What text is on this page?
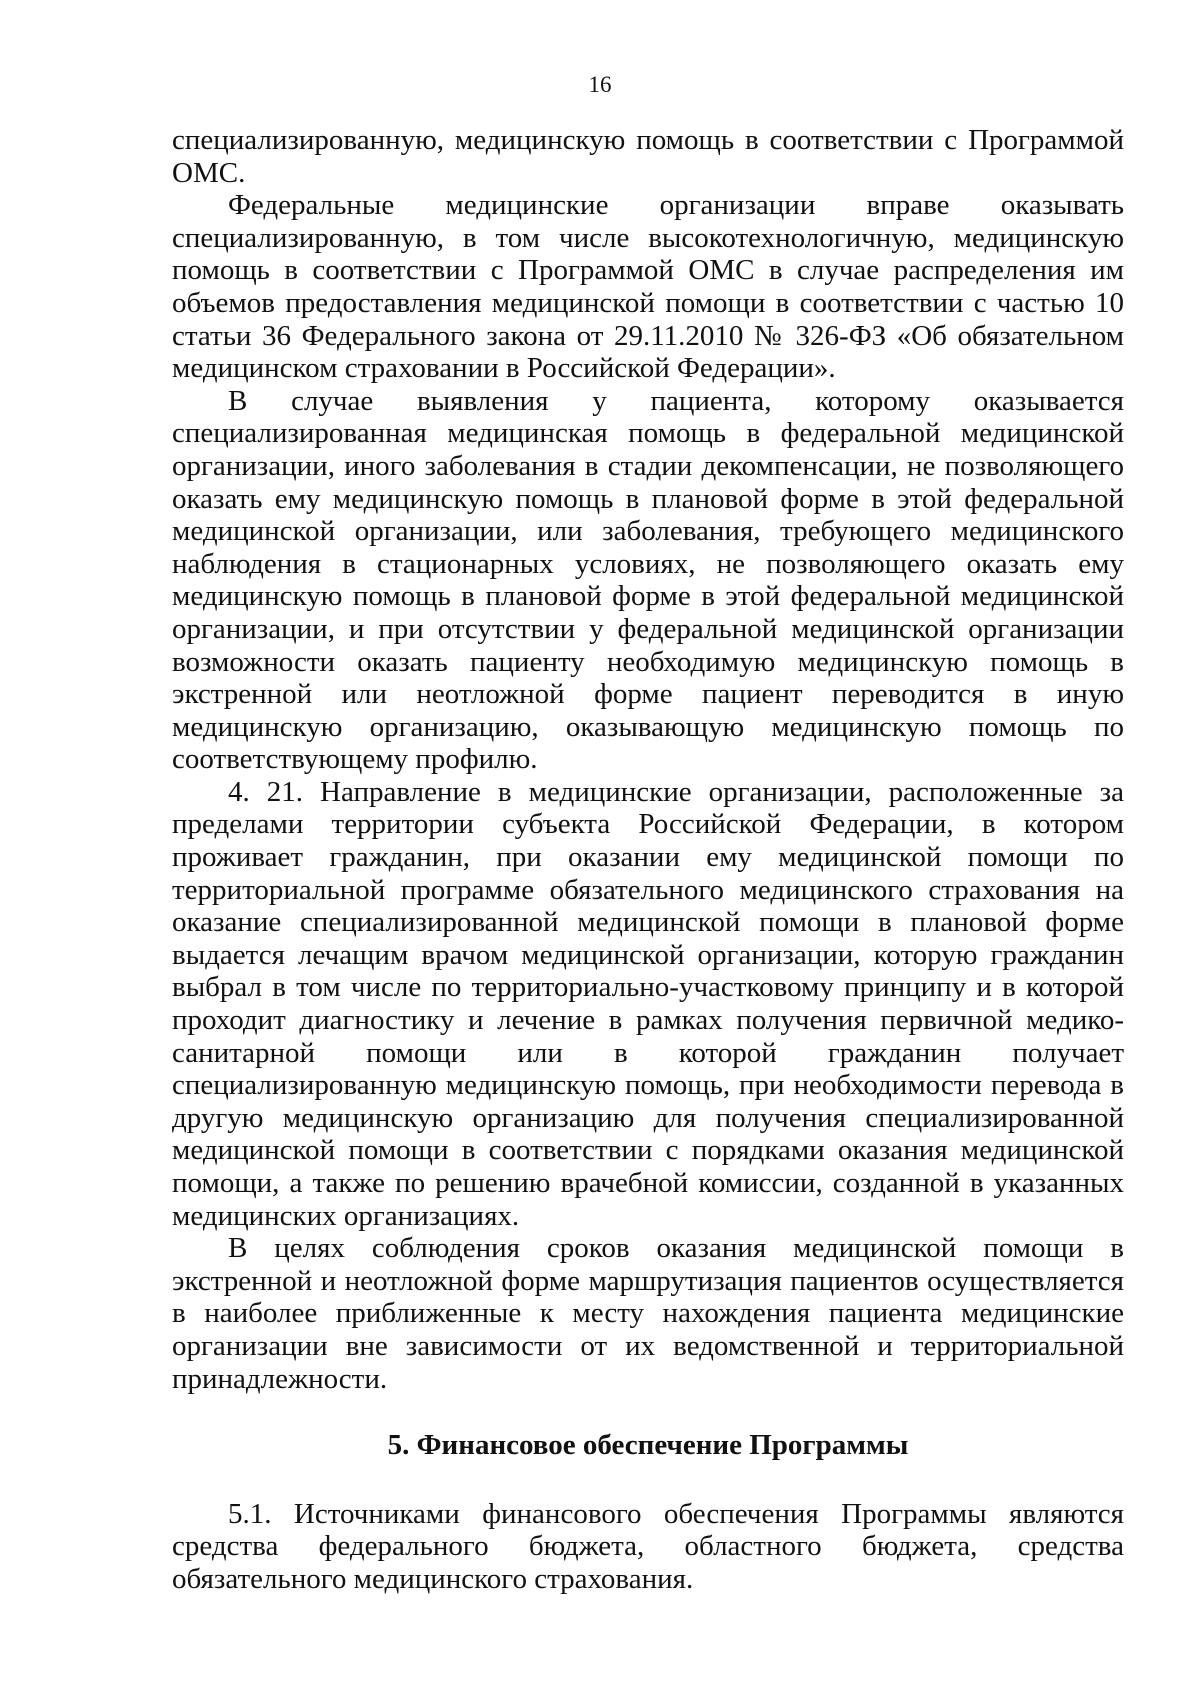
16

специализированную, медицинскую помощь в соответствии с Программой ОМС.

Федеральные медицинские организации вправе оказывать специализированную, в том числе высокотехнологичную, медицинскую помощь в соответствии с Программой ОМС в случае распределения им объемов предоставления медицинской помощи в соответствии с частью 10 статьи 36 Федерального закона от 29.11.2010 № 326-ФЗ «Об обязательном медицинском страховании в Российской Федерации».

В случае выявления у пациента, которому оказывается специализированная медицинская помощь в федеральной медицинской организации, иного заболевания в стадии декомпенсации, не позволяющего оказать ему медицинскую помощь в плановой форме в этой федеральной медицинской организации, или заболевания, требующего медицинского наблюдения в стационарных условиях, не позволяющего оказать ему медицинскую помощь в плановой форме в этой федеральной медицинской организации, и при отсутствии у федеральной медицинской организации возможности оказать пациенту необходимую медицинскую помощь в экстренной или неотложной форме пациент переводится в иную медицинскую организацию, оказывающую медицинскую помощь по соответствующему профилю.

4. 21. Направление в медицинские организации, расположенные за пределами территории субъекта Российской Федерации, в котором проживает гражданин, при оказании ему медицинской помощи по территориальной программе обязательного медицинского страхования на оказание специализированной медицинской помощи в плановой форме выдается лечащим врачом медицинской организации, которую гражданин выбрал в том числе по территориально-участковому принципу и в которой проходит диагностику и лечение в рамках получения первичной медико-санитарной помощи или в которой гражданин получает специализированную медицинскую помощь, при необходимости перевода в другую медицинскую организацию для получения специализированной медицинской помощи в соответствии с порядками оказания медицинской помощи, а также по решению врачебной комиссии, созданной в указанных медицинских организациях.

В целях соблюдения сроков оказания медицинской помощи в экстренной и неотложной форме маршрутизация пациентов осуществляется в наиболее приближенные к месту нахождения пациента медицинские организации вне зависимости от их ведомственной и территориальной принадлежности.

5. Финансовое обеспечение Программы

5.1. Источниками финансового обеспечения Программы являются средства федерального бюджета, областного бюджета, средства обязательного медицинского страхования.
